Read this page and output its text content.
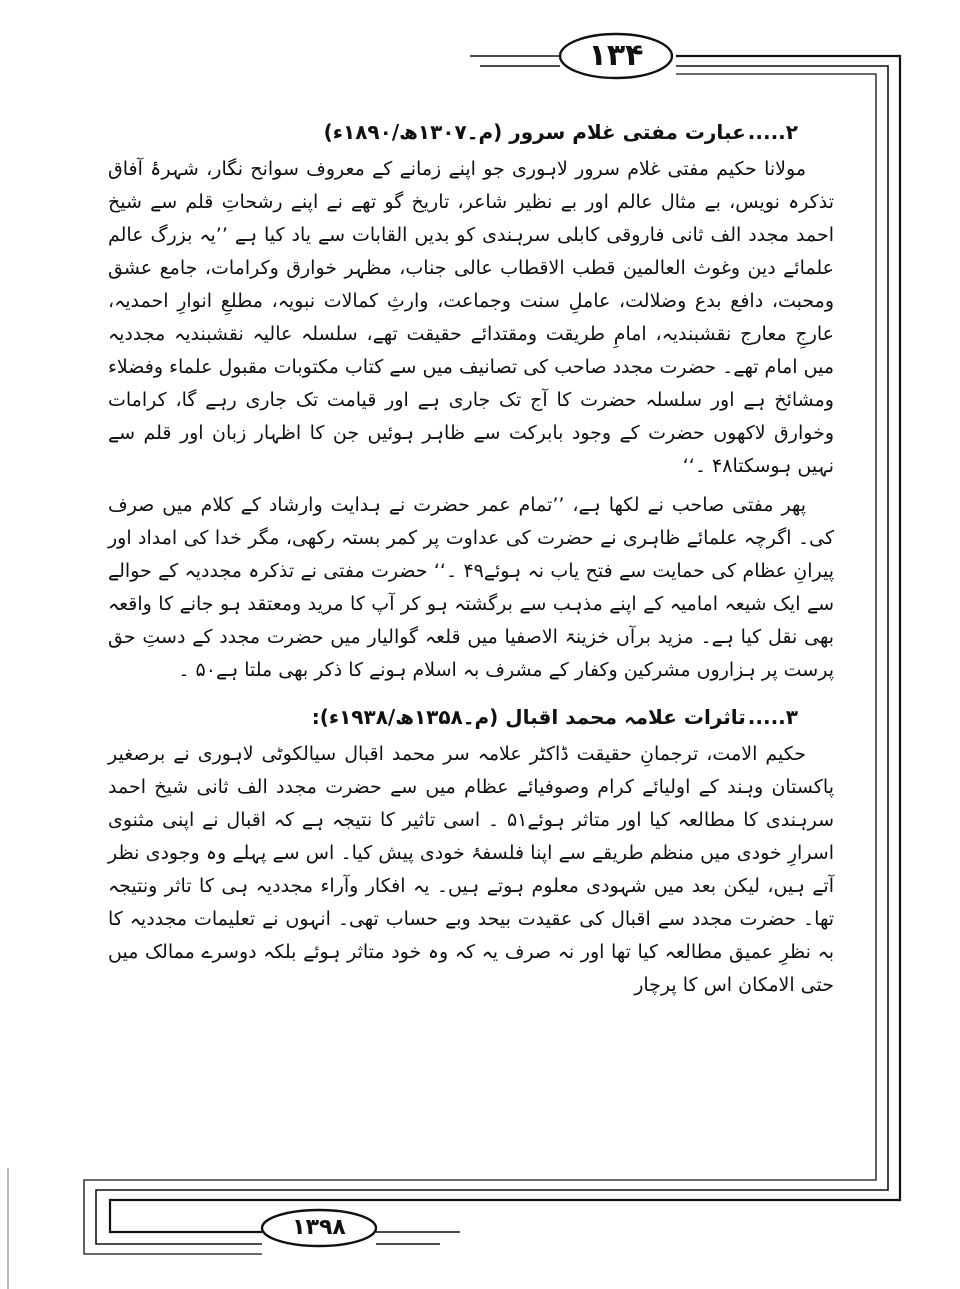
۱۳۴
۱۳۹۸
۲.....عبارت مفتی غلام سرور (م۔۱۳۰۷ھ/۱۸۹۰ء)

مولانا حکیم مفتی غلام سرور لاہوری جو اپنے زمانے کے معروف سوانح نگار، شہرۂ آفاق تذکرہ نویس، بے مثال عالم اور بے نظیر شاعر، تاریخ گو تھے نے اپنے رشحاتِ قلم سے شیخ احمد مجدد الف ثانی فاروقی کابلی سرہندی کو بدیں القابات سے یاد کیا ہے ’’یہ بزرگ عالم علمائے دین وغوث العالمین قطب الاقطاب عالی جناب، مظہر خوارق وکرامات، جامع عشق ومحبت، دافع بدع وضلالت، عاملِ سنت وجماعت، وارثِ کمالات نبویہ، مطلعِ انوارِ احمدیہ، عارجِ معارج نقشبندیہ، امامِ طریقت ومقتدائے حقیقت تھے، سلسلہ عالیہ نقشبندیہ مجددیہ میں امام تھے۔ حضرت مجدد صاحب کی تصانیف میں سے کتاب مکتوبات مقبول علماء وفضلاء ومشائخ ہے اور سلسلہ حضرت کا آج تک جاری ہے اور قیامت تک جاری رہے گا، کرامات وخوارق لاکھوں حضرت کے وجود بابرکت سے ظاہر ہوئیں جن کا اظہار زبان اور قلم سے نہیں ہوسکتا۴۸ ۔‘‘

پھر مفتی صاحب نے لکھا ہے، ’’تمام عمر حضرت نے ہدایت وارشاد کے کلام میں صرف کی۔ اگرچہ علمائے ظاہری نے حضرت کی عداوت پر کمر بستہ رکھی، مگر خدا کی امداد اور پیرانِ عظام کی حمایت سے فتح یاب نہ ہوئے۴۹ ۔‘‘ حضرت مفتی نے تذکرہ مجددیہ کے حوالے سے ایک شیعہ امامیہ کے اپنے مذہب سے برگشتہ ہو کر آپ کا مرید ومعتقد ہو جانے کا واقعہ بھی نقل کیا ہے۔ مزید برآں خزینۃ الاصفیا میں قلعہ گوالیار میں حضرت مجدد کے دستِ حق پرست پر ہزاروں مشرکین وکفار کے مشرف بہ اسلام ہونے کا ذکر بھی ملتا ہے۵۰ ۔

۳.....تاثرات علامہ محمد اقبال (م۔۱۳۵۸ھ/۱۹۳۸ء):

حکیم الامت، ترجمانِ حقیقت ڈاکٹر علامہ سر محمد اقبال سیالکوٹی لاہوری نے برصغیر پاکستان وہند کے اولیائے کرام وصوفیائے عظام میں سے حضرت مجدد الف ثانی شیخ احمد سرہندی کا مطالعہ کیا اور متاثر ہوئے۵۱ ۔ اسی تاثیر کا نتیجہ ہے کہ اقبال نے اپنی مثنوی اسرارِ خودی میں منظم طریقے سے اپنا فلسفۂ خودی پیش کیا۔ اس سے پہلے وہ وجودی نظر آتے ہیں، لیکن بعد میں شہودی معلوم ہوتے ہیں۔ یہ افکار وآراء مجددیہ ہی کا تاثر ونتیجہ تھا۔ حضرت مجدد سے اقبال کی عقیدت بیحد وبے حساب تھی۔ انہوں نے تعلیمات مجددیہ کا بہ نظرِ عمیق مطالعہ کیا تھا اور نہ صرف یہ کہ وہ خود متاثر ہوئے بلکہ دوسرے ممالک میں حتی الامکان اس کا پرچار
